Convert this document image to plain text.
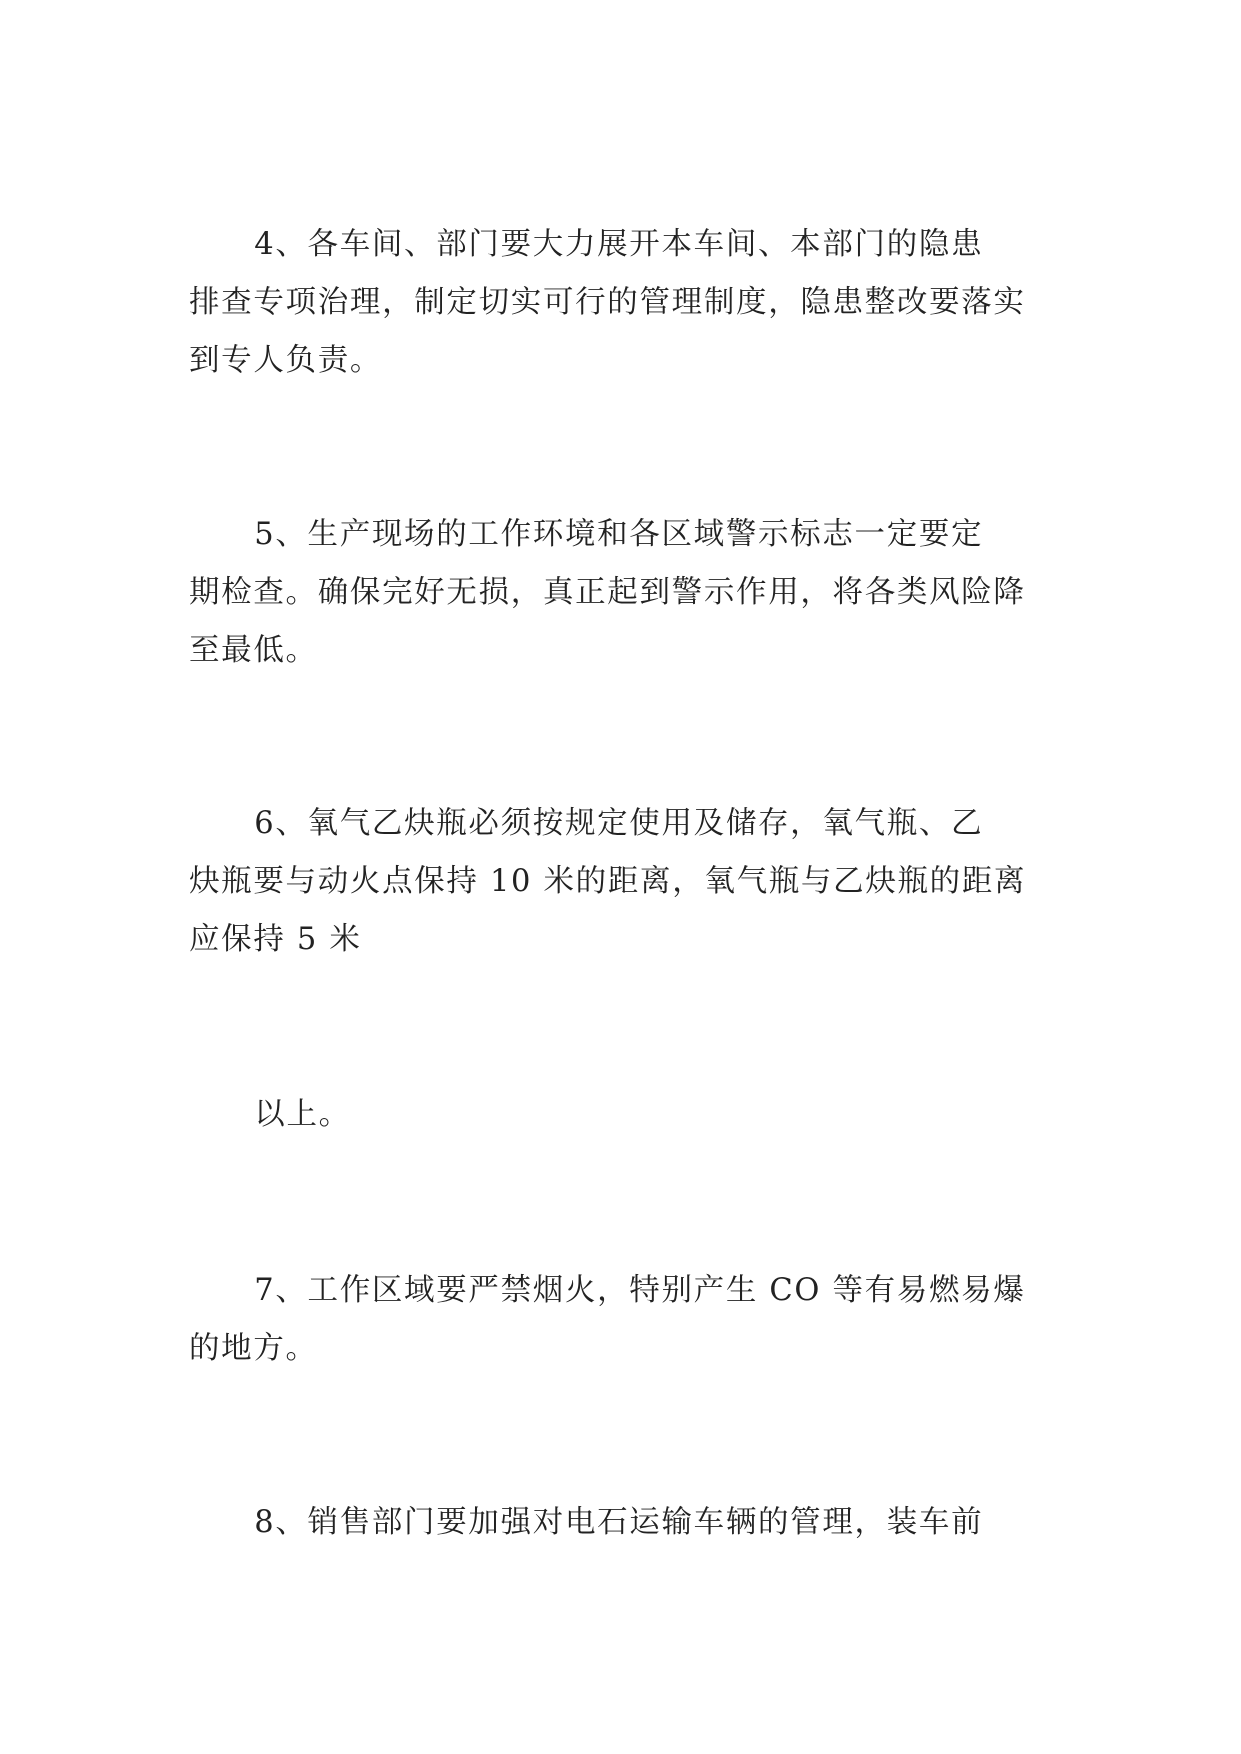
4、各车间、部门要大力展开本车间、本部门的隐患
排查专项治理，制定切实可行的管理制度，隐患整改要落实
到专人负责。

5、生产现场的工作环境和各区域警示标志一定要定
期检查。确保完好无损，真正起到警示作用，将各类风险降
至最低。

6、氧气乙炔瓶必须按规定使用及储存，氧气瓶、乙
炔瓶要与动火点保持 10 米的距离，氧气瓶与乙炔瓶的距离
应保持 5 米

以上。

7、工作区域要严禁烟火，特别产生 CO 等有易燃易爆
的地方。

8、销售部门要加强对电石运输车辆的管理，装车前
